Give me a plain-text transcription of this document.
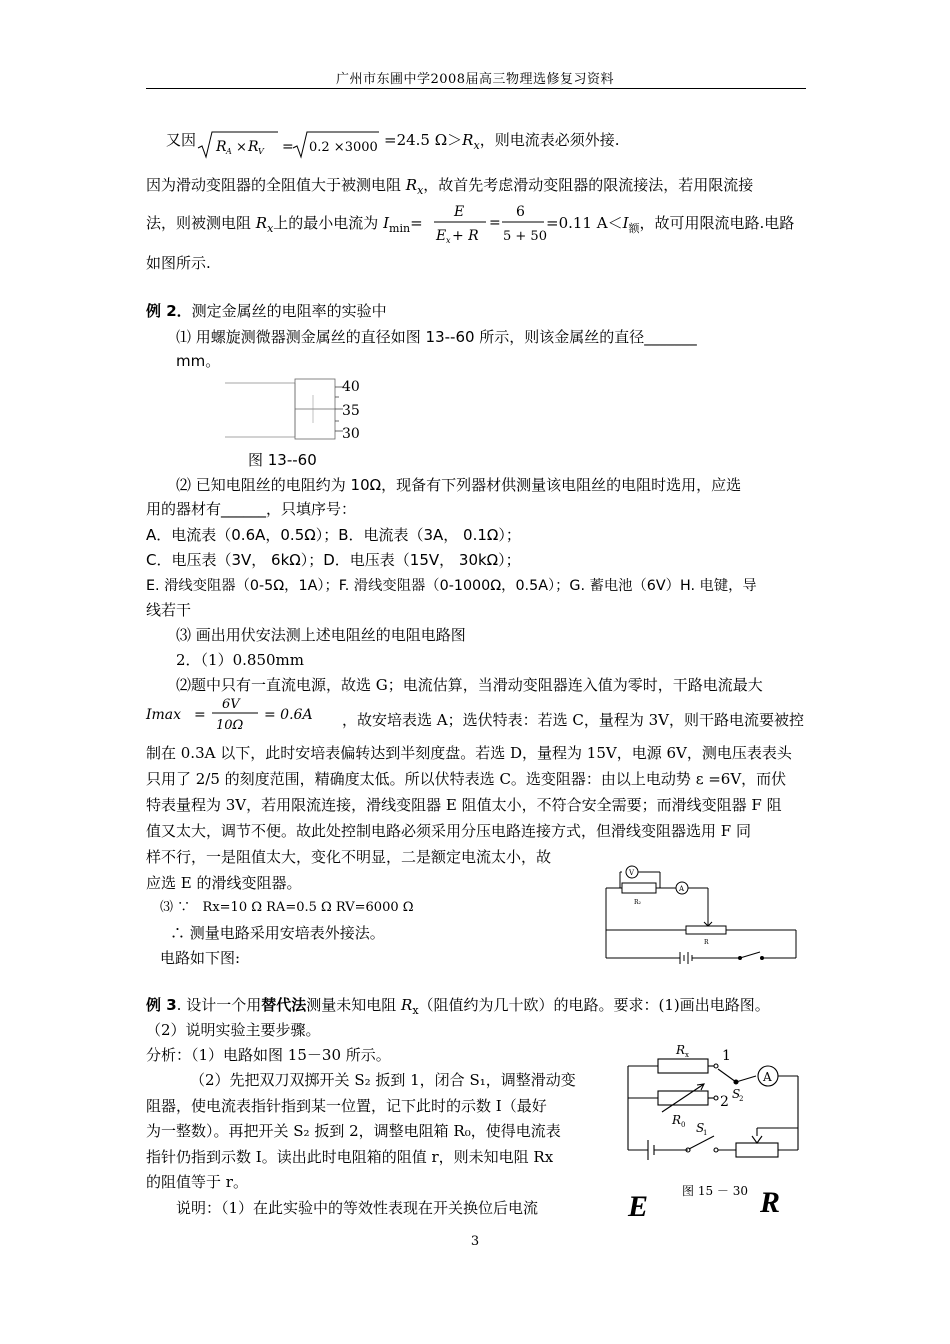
广州市东圃中学2008届高三物理选修复习资料
又因 R A × R V = 0.2 ×3000 =24.5 $\Omega>R_x$，则电流表必须外接.
因为滑动变阻器的全阻值大于被测电阻 $R_x$，故首先考虑滑动变阻器的限流接法，若用限流接
法，则被测电阻 $R_x$上的最小电流为 $I_{min}=$
E
E x + R
=
6
5 + 50
=0.11 $A<I_额$，故可用限流电路.电路
如图所示.
例 2．测定金属丝的电阻率的实验中
⑴ 用螺旋测微器测金属丝的直径如图 13--60 所示，则该金属丝的直径_______
mm。
40
35
30
图 13--60
⑵ 已知电阻丝的电阻约为 10Ω，现备有下列器材供测量该电阻丝的电阻时选用，应选
用的器材有______，只填序号：
A．电流表（0.6A，0.5Ω）；B．电流表（3A， 0.1Ω）；
C．电压表（3V， 6kΩ）；D．电压表（15V， 30kΩ）；
E. 滑线变阻器（0-5Ω，1A）；F. 滑线变阻器（0-1000Ω，0.5A）；G. 蓄电池（6V）H. 电键，导
线若干
⑶ 画出用伏安法测上述电阻丝的电阻电路图
2．（1）0.850mm
⑵题中只有一直流电源，故选 G；电流估算，当滑动变阻器连入值为零时，干路电流最大
Imax =
6V
10Ω
= 0.6A ，故安培表选 A；选伏特表：若选 C，量程为 3V，则干路电流要被控
制在 0.3A 以下，此时安培表偏转达到半刻度盘。若选 D，量程为 15V，电源 6V，测电压表表头
只用了 2/5 的刻度范围，精确度太低。所以伏特表选 C。选变阻器：由以上电动势 ε =6V，而伏
特表量程为 3V，若用限流连接，滑线变阻器 E 阻值太小，不符合安全需要；而滑线变阻器 F 阻
值又太大，调节不便。故此处控制电路必须采用分压电路连接方式，但滑线变阻器选用 F 同
样不行，一是阻值太大，变化不明显，二是额定电流太小，故
应选 E 的滑线变阻器。
⑶ ∵ Rx=10 Ω RA=0.5 Ω RV=6000 Ω
∴ 测量电路采用安培表外接法。
电路如下图:
V
A
R₂
R
例 3. 设计一个用替代法测量未知电阻 $R_x$（阻值约为几十欧）的电路。要求：(1)画出电路图。
（2）说明实验主要步骤。
分析：（1）电路如图 15－30 所示。
（2）先把双刀双掷开关 S₂ 扳到 1，闭合 S₁，调整滑动变
阻器，使电流表指针指到某一位置，记下此时的示数 I（最好
为一整数）。再把开关 S₂ 扳到 2，调整电阻箱 R₀，使得电流表
指针仍指到示数 I。读出此时电阻箱的阻值 r，则未知电阻 Rx
的阻值等于 r。
说明：（1）在此实验中的等效性表现在开关换位后电流
R x
R 0
1
2 S
2
S
1
A
图 15 － 30
E	R
3
